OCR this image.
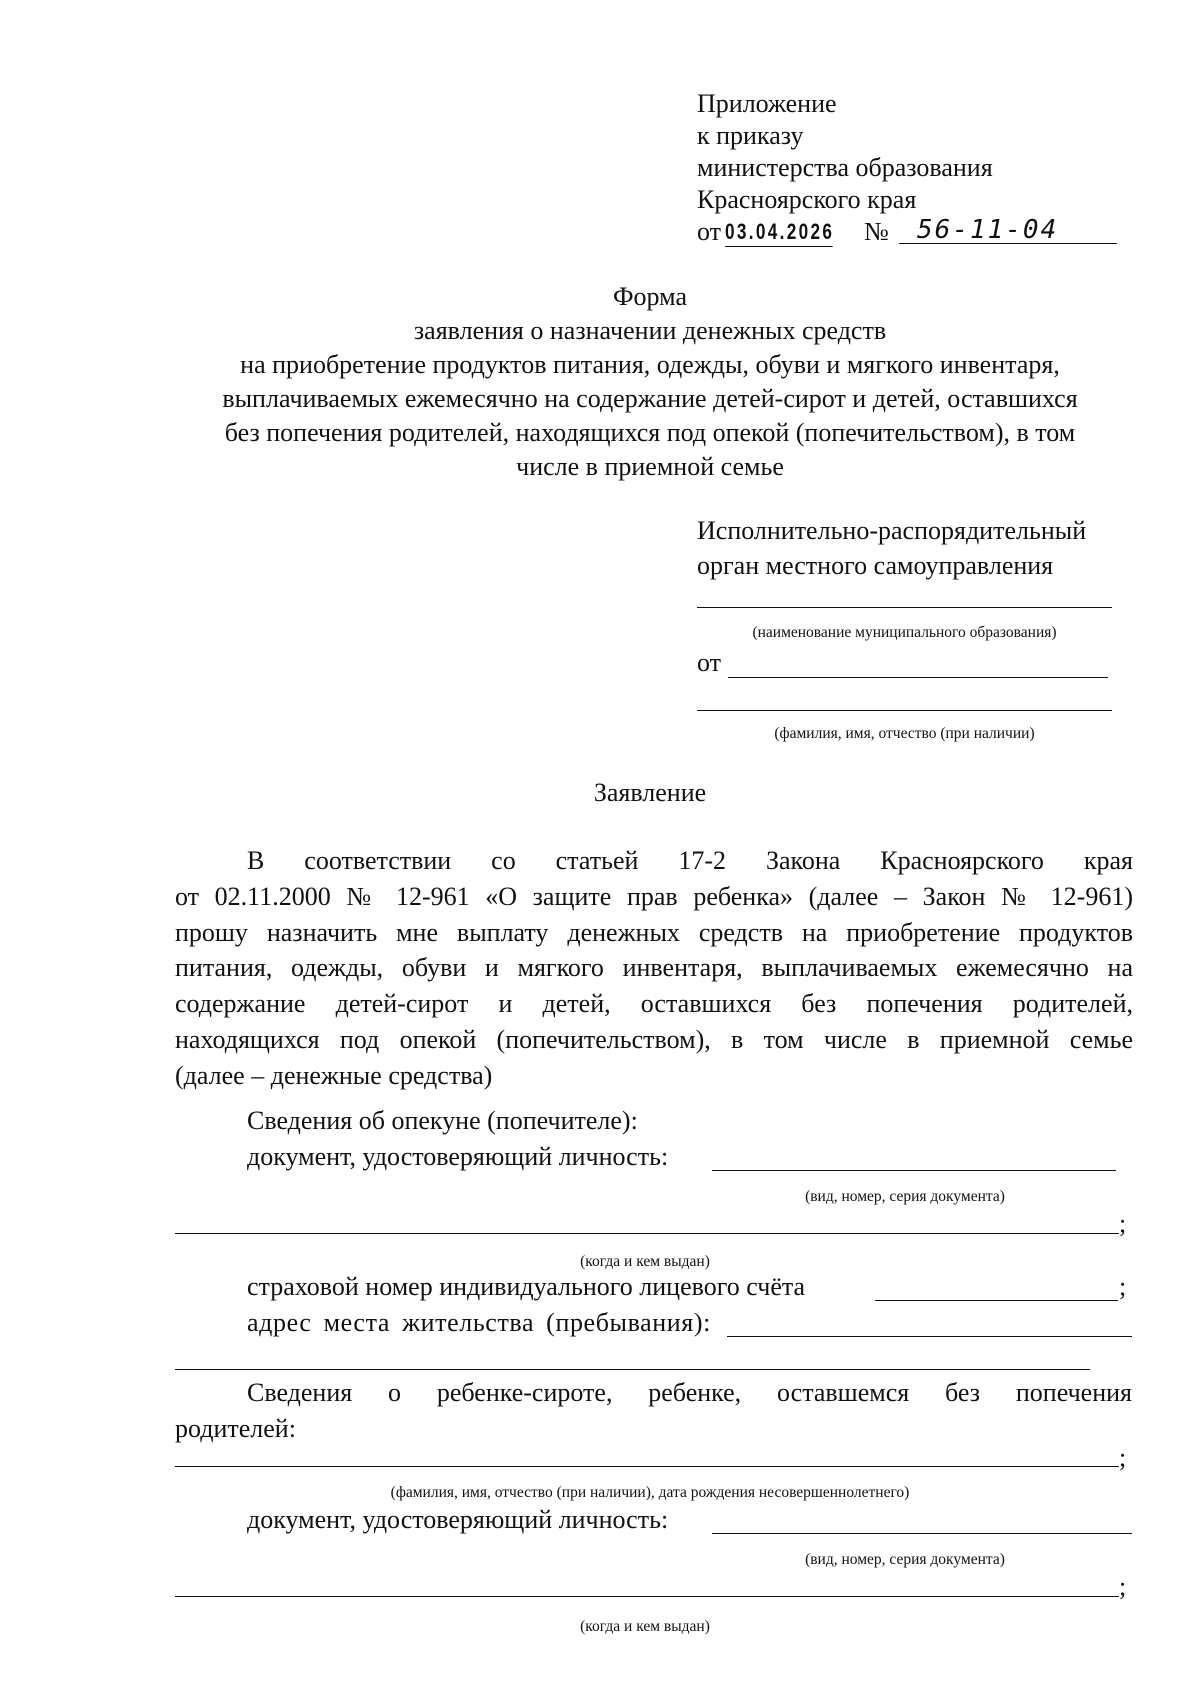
Приложение
к приказу
министерства образования
Красноярского края
от 03.04.2026 №	56-11-04
Форма
заявления о назначении денежных средств
на приобретение продуктов питания, одежды, обуви и мягкого инвентаря,
выплачиваемых ежемесячно на содержание детей-сирот и детей, оставшихся
без попечения родителей, находящихся под опекой (попечительством), в том
числе в приемной семье
Исполнительно-распорядительный
орган местного самоуправления
(наименование муниципального образования)
от
(фамилия, имя, отчество (при наличии)
Заявление
В соответствии со статьей 17-2 Закона Красноярского края
от 02.11.2000 № 12-961 «О защите прав ребенка» (далее – Закон № 12-961)
прошу назначить мне выплату денежных средств на приобретение продуктов
питания, одежды, обуви и мягкого инвентаря, выплачиваемых ежемесячно на
содержание детей-сирот и детей, оставшихся без попечения родителей,
находящихся под опекой (попечительством), в том числе в приемной семье
(далее – денежные средства)
Сведения об опекуне (попечителе):
документ, удостоверяющий личность:
(вид, номер, серия документа)
;
(когда и кем выдан)
страховой номер индивидуального лицевого счёта	;
адрес места жительства (пребывания):
Сведения о ребенке-сироте, ребенке, оставшемся без попечения
родителей:
;
(фамилия, имя, отчество (при наличии), дата рождения несовершеннолетнего)
документ, удостоверяющий личность:
(вид, номер, серия документа)
;
(когда и кем выдан)
